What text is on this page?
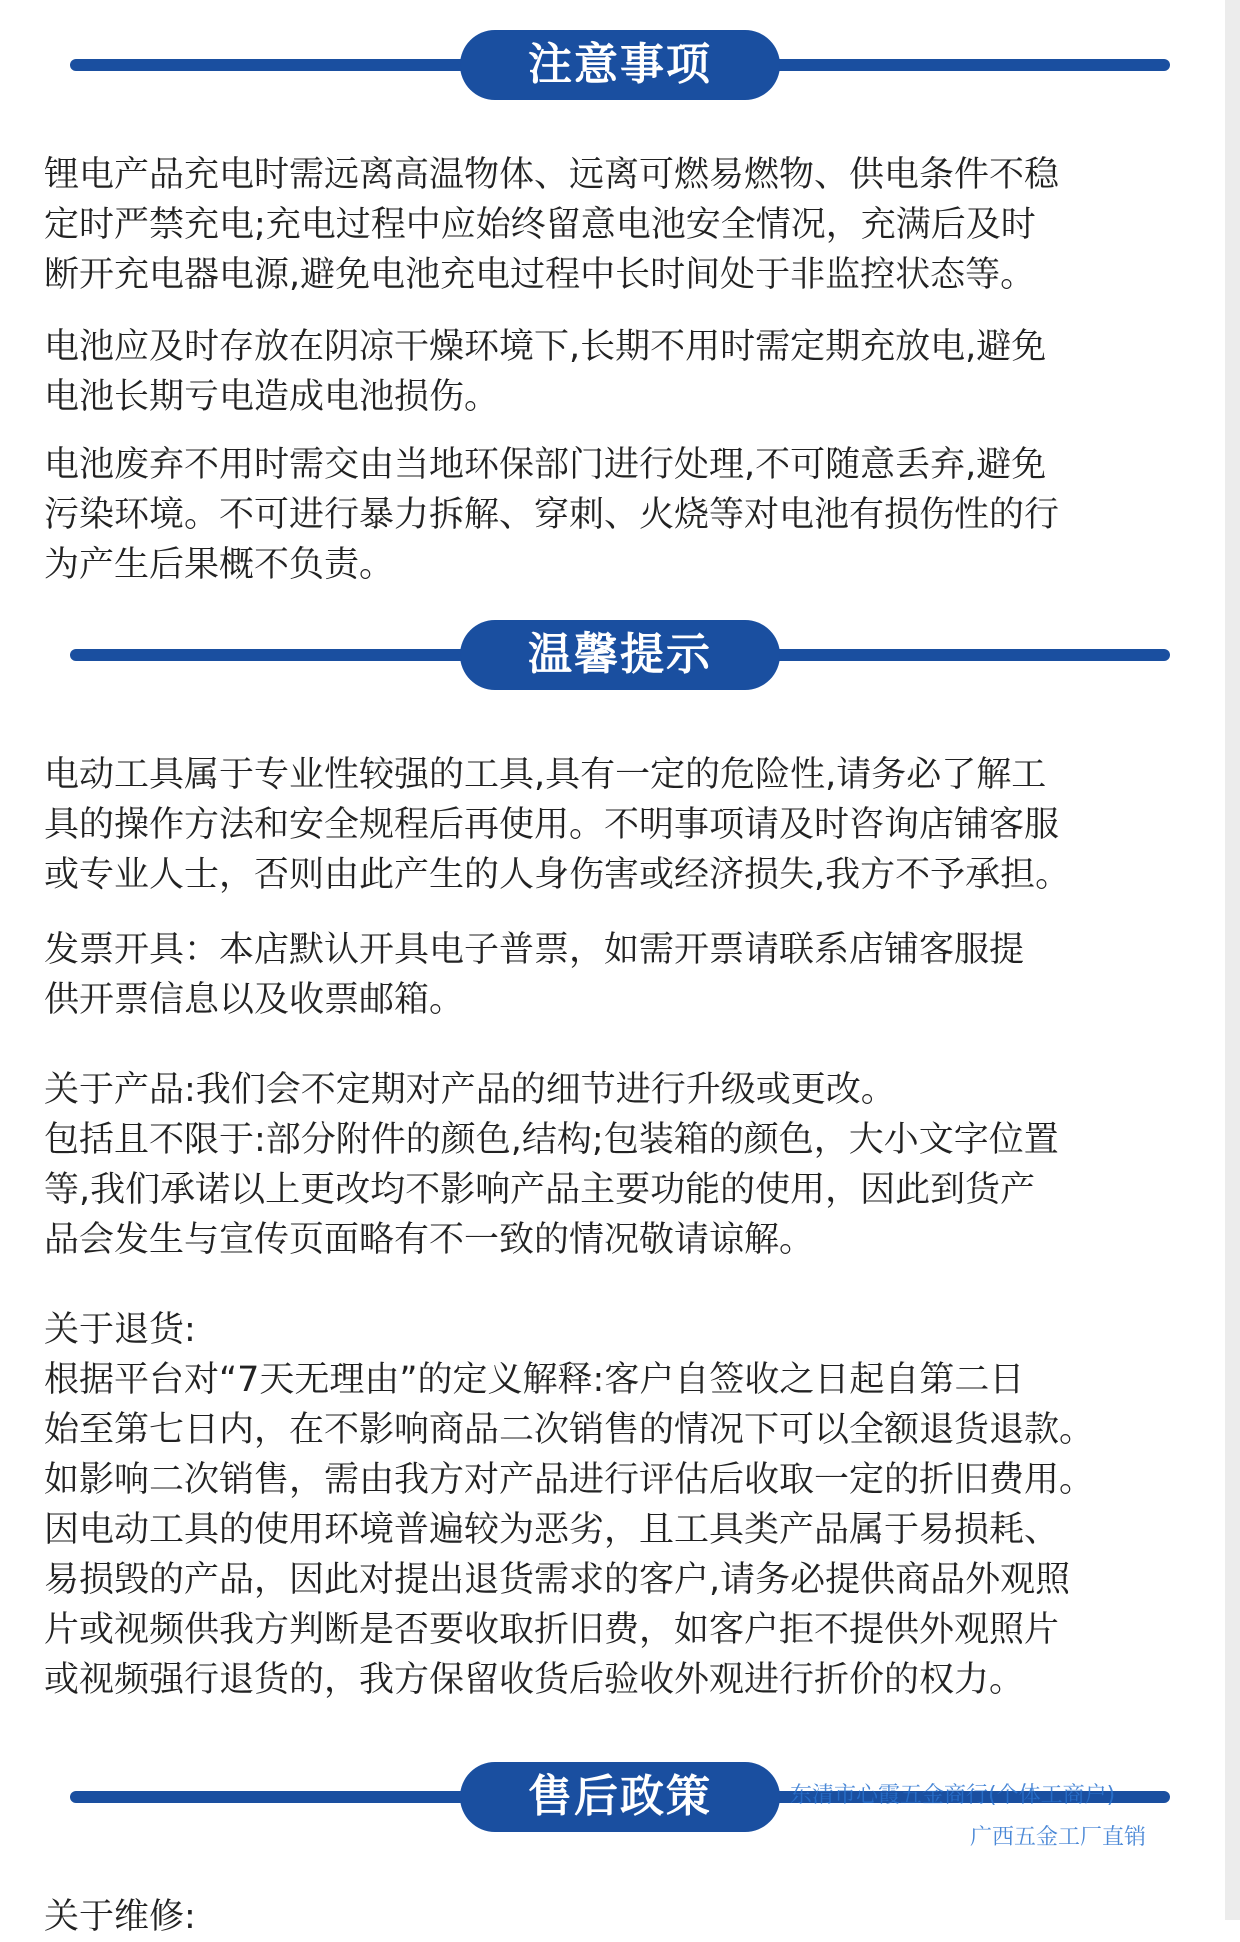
注意事项

锂电产品充电时需远离高温物体、远离可燃易燃物、供电条件不稳
定时严禁充电;充电过程中应始终留意电池安全情况，充满后及时
断开充电器电源,避免电池充电过程中长时间处于非监控状态等。

电池应及时存放在阴凉干燥环境下,长期不用时需定期充放电,避免
电池长期亏电造成电池损伤。

电池废弃不用时需交由当地环保部门进行处理,不可随意丢弃,避免
污染环境。不可进行暴力拆解、穿刺、火烧等对电池有损伤性的行
为产生后果概不负责。

温馨提示

电动工具属于专业性较强的工具,具有一定的危险性,请务必了解工
具的操作方法和安全规程后再使用。不明事项请及时咨询店铺客服
或专业人士，否则由此产生的人身伤害或经济损失,我方不予承担。

发票开具：本店默认开具电子普票，如需开票请联系店铺客服提
供开票信息以及收票邮箱。

关于产品:我们会不定期对产品的细节进行升级或更改。
包括且不限于:部分附件的颜色,结构;包装箱的颜色，大小文字位置
等,我们承诺以上更改均不影响产品主要功能的使用，因此到货产
品会发生与宣传页面略有不一致的情况敬请谅解。

关于退货:
根据平台对“7天无理由”的定义解释:客户自签收之日起自第二日
始至第七日内，在不影响商品二次销售的情况下可以全额退货退款。
如影响二次销售，需由我方对产品进行评估后收取一定的折旧费用。
因电动工具的使用环境普遍较为恶劣，且工具类产品属于易损耗、
易损毁的产品，因此对提出退货需求的客户,请务必提供商品外观照
片或视频供我方判断是否要收取折旧费，如客户拒不提供外观照片
或视频强行退货的，我方保留收货后验收外观进行折价的权力。

售后政策	东清市心霞五金商行(个体工商户)
广西五金工厂直销

关于维修:
